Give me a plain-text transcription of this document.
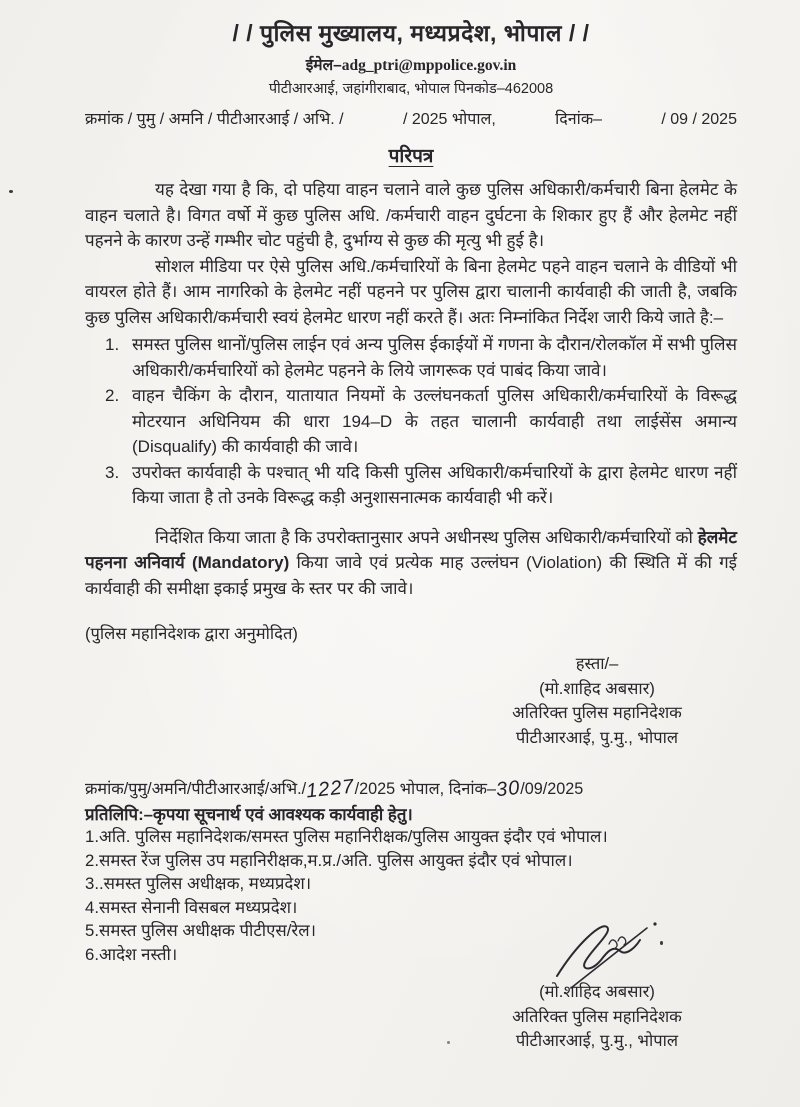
/ / पुलिस मुख्यालय, मध्यप्रदेश, भोपाल / /
ईमेल–adg_ptri@mppolice.gov.in
पीटीआरआई, जहांगीराबाद, भोपाल पिनकोड–462008
क्रमांक / पुमु / अमनि / पीटीआरआई / अभि. /	/ 2025 भोपाल,	दिनांक–	/ 09 / 2025
परिपत्र

यह देखा गया है कि, दो पहिया वाहन चलाने वाले कुछ पुलिस अधिकारी/कर्मचारी बिना हेलमेट के वाहन चलाते है। विगत वर्षो में कुछ पुलिस अधि. /कर्मचारी वाहन दुर्घटना के शिकार हुए हैं और हेलमेट नहीं पहनने के कारण उन्हें गम्भीर चोट पहुंची है, दुर्भाग्य से कुछ की मृत्यु भी हुई है।

सोशल मीडिया पर ऐसे पुलिस अधि./कर्मचारियों के बिना हेलमेट पहने वाहन चलाने के वीडियों भी वायरल होते हैं। आम नागरिको के हेलमेट नहीं पहनने पर पुलिस द्वारा चालानी कार्यवाही की जाती है, जबकि कुछ पुलिस अधिकारी/कर्मचारी स्वयं हेलमेट धारण नहीं करते हैं। अतः निम्नांकित निर्देश जारी किये जाते है:–

1. समस्त पुलिस थानों/पुलिस लाईन एवं अन्य पुलिस ईकाईयों में गणना के दौरान/रोलकॉल में सभी पुलिस अधिकारी/कर्मचारियों को हेलमेट पहनने के लिये जागरूक एवं पाबंद किया जावे।
2. वाहन चैकिंग के दौरान, यातायात नियमों के उल्लंघनकर्ता पुलिस अधिकारी/कर्मचारियों के विरूद्ध मोटरयान अधिनियम की धारा 194–D के तहत चालानी कार्यवाही तथा लाईसेंस अमान्य (Disqualify) की कार्यवाही की जावे।
3. उपरोक्त कार्यवाही के पश्चात् भी यदि किसी पुलिस अधिकारी/कर्मचारियों के द्वारा हेलमेट धारण नहीं किया जाता है तो उनके विरूद्ध कड़ी अनुशासनात्मक कार्यवाही भी करें।

निर्देशित किया जाता है कि उपरोक्तानुसार अपने अधीनस्थ पुलिस अधिकारी/कर्मचारियों को हेलमेट पहनना अनिवार्य (Mandatory) किया जावे एवं प्रत्येक माह उल्लंघन (Violation) की स्थिति में की गई कार्यवाही की समीक्षा इकाई प्रमुख के स्तर पर की जावे।

(पुलिस महानिदेशक द्वारा अनुमोदित)
हस्ता/–
(मो.शाहिद अबसार)
अतिरिक्त पुलिस महानिदेशक
पीटीआरआई, पु.मु., भोपाल
क्रमांक/पुमु/अमनि/पीटीआरआई/अभि./1227/2025 भोपाल, दिनांक–30/09/2025
प्रतिलिपि:–कृपया सूचनार्थ एवं आवश्यक कार्यवाही हेतु।
1.अति. पुलिस महानिदेशक/समस्त पुलिस महानिरीक्षक/पुलिस आयुक्त इंदौर एवं भोपाल।
2.समस्त रेंज पुलिस उप महानिरीक्षक,म.प्र./अति. पुलिस आयुक्त इंदौर एवं भोपाल।
3..समस्त पुलिस अधीक्षक, मध्यप्रदेश।
4.समस्त सेनानी विसबल मध्यप्रदेश।
5.समस्त पुलिस अधीक्षक पीटीएस/रेल।
6.आदेश नस्ती।
(मो.शाहिद अबसार)
अतिरिक्त पुलिस महानिदेशक
पीटीआरआई, पु.मु., भोपाल
